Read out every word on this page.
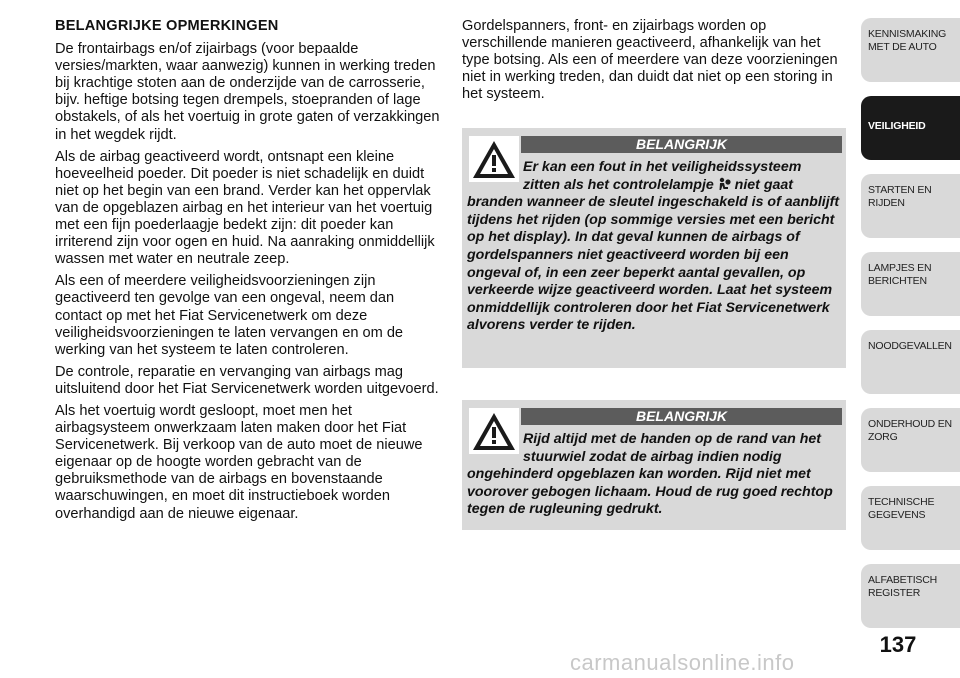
BELANGRIJKE OPMERKINGEN

De frontairbags en/of zijairbags (voor bepaalde versies/markten, waar aanwezig) kunnen in werking treden bij krachtige stoten aan de onderzijde van de carrosserie, bijv. heftige botsing tegen drempels, stoepranden of lage obstakels, of als het voertuig in grote gaten of verzakkingen in het wegdek rijdt.

Als de airbag geactiveerd wordt, ontsnapt een kleine hoeveelheid poeder. Dit poeder is niet schadelijk en duidt niet op het begin van een brand. Verder kan het oppervlak van de opgeblazen airbag en het interieur van het voertuig met een fijn poederlaagje bedekt zijn: dit poeder kan irriterend zijn voor ogen en huid. Na aanraking onmiddellijk wassen met water en neutrale zeep.

Als een of meerdere veiligheidsvoorzieningen zijn geactiveerd ten gevolge van een ongeval, neem dan contact op met het Fiat Servicenetwerk om deze veiligheidsvoorzieningen te laten vervangen en om de werking van het systeem te laten controleren.

De controle, reparatie en vervanging van airbags mag uitsluitend door het Fiat Servicenetwerk worden uitgevoerd.

Als het voertuig wordt gesloopt, moet men het airbagsysteem onwerkzaam laten maken door het Fiat Servicenetwerk. Bij verkoop van de auto moet de nieuwe eigenaar op de hoogte worden gebracht van de gebruiksmethode van de airbags en bovenstaande waarschuwingen, en moet dit instructieboek worden overhandigd aan de nieuwe eigenaar.

Gordelspanners, front- en zijairbags worden op verschillende manieren geactiveerd, afhankelijk van het type botsing. Als een of meerdere van deze voorzieningen niet in werking treden, dan duidt dat niet op een storing in het systeem.

BELANGRIJK

Er kan een fout in het veiligheidssysteem zitten als het controlelampje  niet gaat branden wanneer de sleutel ingeschakeld is of aanblijft tijdens het rijden (op sommige versies met een bericht op het display). In dat geval kunnen de airbags of gordelspanners niet geactiveerd worden bij een ongeval of, in een zeer beperkt aantal gevallen, op verkeerde wijze geactiveerd worden. Laat het systeem onmiddellijk controleren door het Fiat Servicenetwerk alvorens verder te rijden.

BELANGRIJK

Rijd altijd met de handen op de rand van het stuurwiel zodat de airbag indien nodig ongehinderd opgeblazen kan worden. Rijd niet met voorover gebogen lichaam. Houd de rug goed rechtop tegen de rugleuning gedrukt.

KENNISMAKING MET DE AUTO
VEILIGHEID
STARTEN EN RIJDEN
LAMPJES EN BERICHTEN
NOODGEVALLEN
ONDERHOUD EN ZORG
TECHNISCHE GEGEVENS
ALFABETISCH REGISTER
137
carmanualsonline.info
